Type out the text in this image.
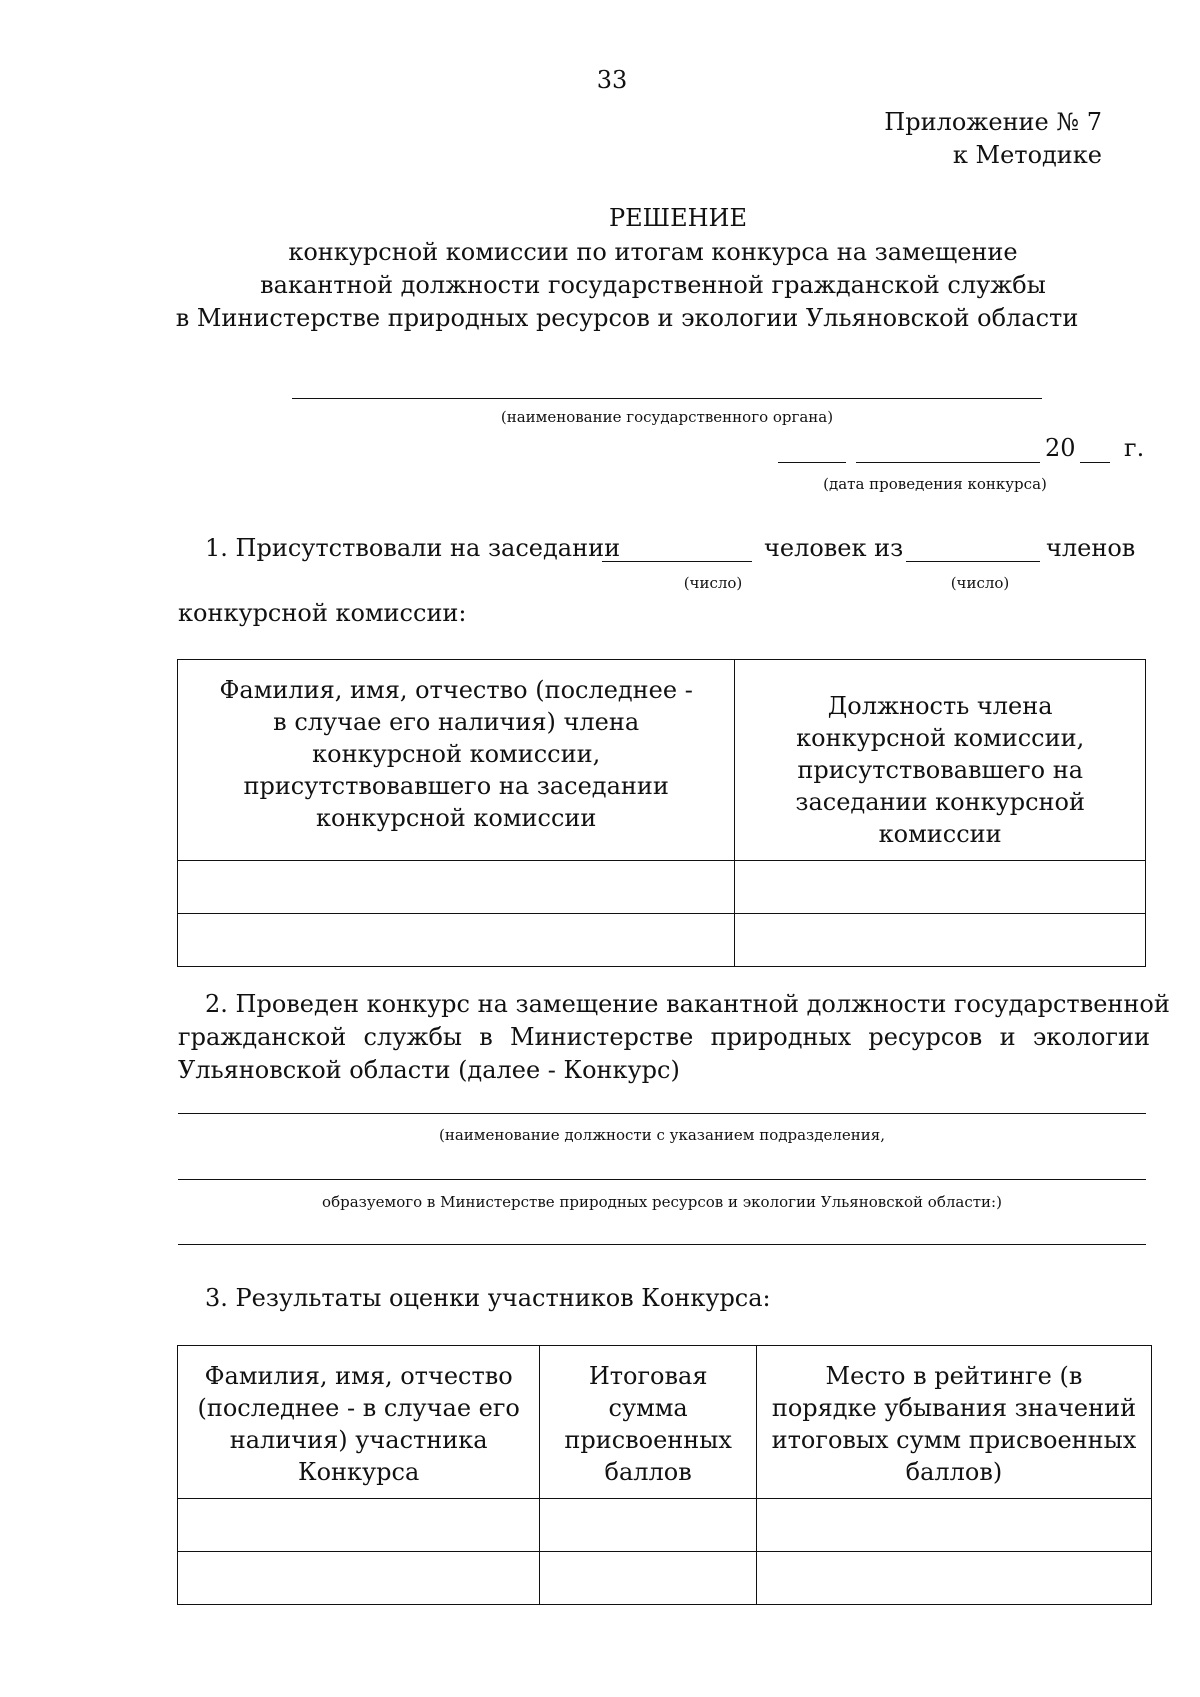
33
Приложение № 7
к Методике
РЕШЕНИЕ
конкурсной комиссии по итогам конкурса на замещение
вакантной должности государственной гражданской службы
в Министерстве природных ресурсов и экологии Ульяновской области
(наименование государственного органа)
20 г.
(дата проведения конкурса)
1. Присутствовали на заседании	человек из	членов
(число)	(число)
конкурсной комиссии:
Фамилия, имя, отчество (последнее - в случае его наличия) члена конкурсной комиссии, присутствовавшего на заседании конкурсной комиссии	Должность члена конкурсной комиссии, присутствовавшего на заседании конкурсной комиссии

2. Проведен конкурс на замещение вакантной должности государственной
гражданской службы в Министерстве природных ресурсов и экологии
Ульяновской области (далее - Конкурс)
(наименование должности с указанием подразделения,
образуемого в Министерстве природных ресурсов и экологии Ульяновской области:)
3. Результаты оценки участников Конкурса:
Фамилия, имя, отчество (последнее - в случае его наличия) участника Конкурса	Итоговая сумма присвоенных баллов	Место в рейтинге (в порядке убывания значений итоговых сумм присвоенных баллов)
